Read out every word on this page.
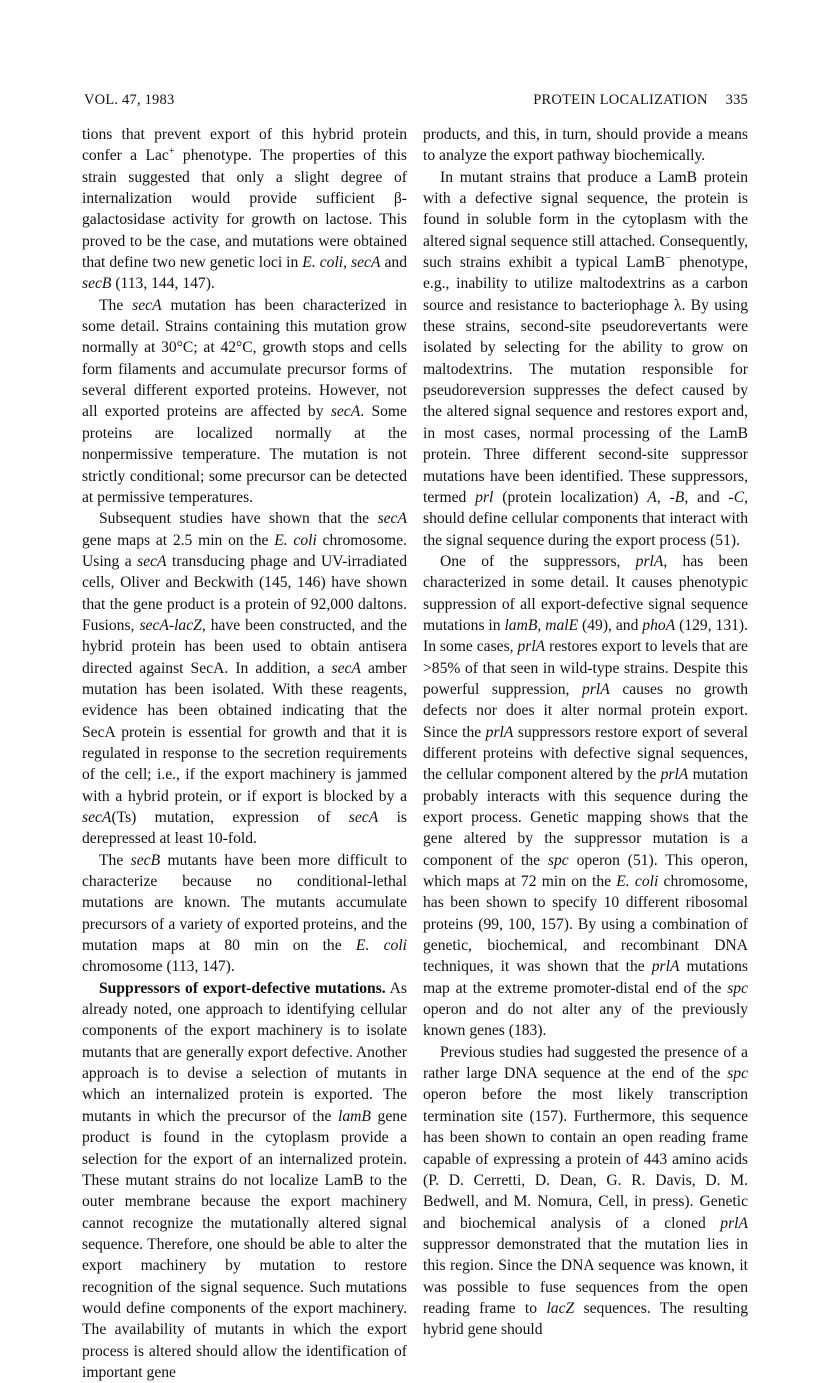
VOL. 47, 1983	PROTEIN LOCALIZATION 335

tions that prevent export of this hybrid protein confer a Lac+ phenotype. The properties of this strain suggested that only a slight degree of internalization would provide sufficient β-galactosidase activity for growth on lactose. This proved to be the case, and mutations were obtained that define two new genetic loci in E. coli, secA and secB (113, 144, 147).

The secA mutation has been characterized in some detail. Strains containing this mutation grow normally at 30°C; at 42°C, growth stops and cells form filaments and accumulate precursor forms of several different exported proteins. However, not all exported proteins are affected by secA. Some proteins are localized normally at the nonpermissive temperature. The mutation is not strictly conditional; some precursor can be detected at permissive temperatures.

Subsequent studies have shown that the secA gene maps at 2.5 min on the E. coli chromosome. Using a secA transducing phage and UV-irradiated cells, Oliver and Beckwith (145, 146) have shown that the gene product is a protein of 92,000 daltons. Fusions, secA-lacZ, have been constructed, and the hybrid protein has been used to obtain antisera directed against SecA. In addition, a secA amber mutation has been isolated. With these reagents, evidence has been obtained indicating that the SecA protein is essential for growth and that it is regulated in response to the secretion requirements of the cell; i.e., if the export machinery is jammed with a hybrid protein, or if export is blocked by a secA(Ts) mutation, expression of secA is derepressed at least 10-fold.

The secB mutants have been more difficult to characterize because no conditional-lethal mutations are known. The mutants accumulate precursors of a variety of exported proteins, and the mutation maps at 80 min on the E. coli chromosome (113, 147).

Suppressors of export-defective mutations. As already noted, one approach to identifying cellular components of the export machinery is to isolate mutants that are generally export defective. Another approach is to devise a selection of mutants in which an internalized protein is exported. The mutants in which the precursor of the lamB gene product is found in the cytoplasm provide a selection for the export of an internalized protein. These mutant strains do not localize LamB to the outer membrane because the export machinery cannot recognize the mutationally altered signal sequence. Therefore, one should be able to alter the export machinery by mutation to restore recognition of the signal sequence. Such mutations would define components of the export machinery. The availability of mutants in which the export process is altered should allow the identification of important gene

products, and this, in turn, should provide a means to analyze the export pathway biochemically.

In mutant strains that produce a LamB protein with a defective signal sequence, the protein is found in soluble form in the cytoplasm with the altered signal sequence still attached. Consequently, such strains exhibit a typical LamB− phenotype, e.g., inability to utilize maltodextrins as a carbon source and resistance to bacteriophage λ. By using these strains, second-site pseudorevertants were isolated by selecting for the ability to grow on maltodextrins. The mutation responsible for pseudoreversion suppresses the defect caused by the altered signal sequence and restores export and, in most cases, normal processing of the LamB protein. Three different second-site suppressor mutations have been identified. These suppressors, termed prl (protein localization) A, -B, and -C, should define cellular components that interact with the signal sequence during the export process (51).

One of the suppressors, prlA, has been characterized in some detail. It causes phenotypic suppression of all export-defective signal sequence mutations in lamB, malE (49), and phoA (129, 131). In some cases, prlA restores export to levels that are >85% of that seen in wild-type strains. Despite this powerful suppression, prlA causes no growth defects nor does it alter normal protein export. Since the prlA suppressors restore export of several different proteins with defective signal sequences, the cellular component altered by the prlA mutation probably interacts with this sequence during the export process. Genetic mapping shows that the gene altered by the suppressor mutation is a component of the spc operon (51). This operon, which maps at 72 min on the E. coli chromosome, has been shown to specify 10 different ribosomal proteins (99, 100, 157). By using a combination of genetic, biochemical, and recombinant DNA techniques, it was shown that the prlA mutations map at the extreme promoter-distal end of the spc operon and do not alter any of the previously known genes (183).

Previous studies had suggested the presence of a rather large DNA sequence at the end of the spc operon before the most likely transcription termination site (157). Furthermore, this sequence has been shown to contain an open reading frame capable of expressing a protein of 443 amino acids (P. D. Cerretti, D. Dean, G. R. Davis, D. M. Bedwell, and M. Nomura, Cell, in press). Genetic and biochemical analysis of a cloned prlA suppressor demonstrated that the mutation lies in this region. Since the DNA sequence was known, it was possible to fuse sequences from the open reading frame to lacZ sequences. The resulting hybrid gene should
